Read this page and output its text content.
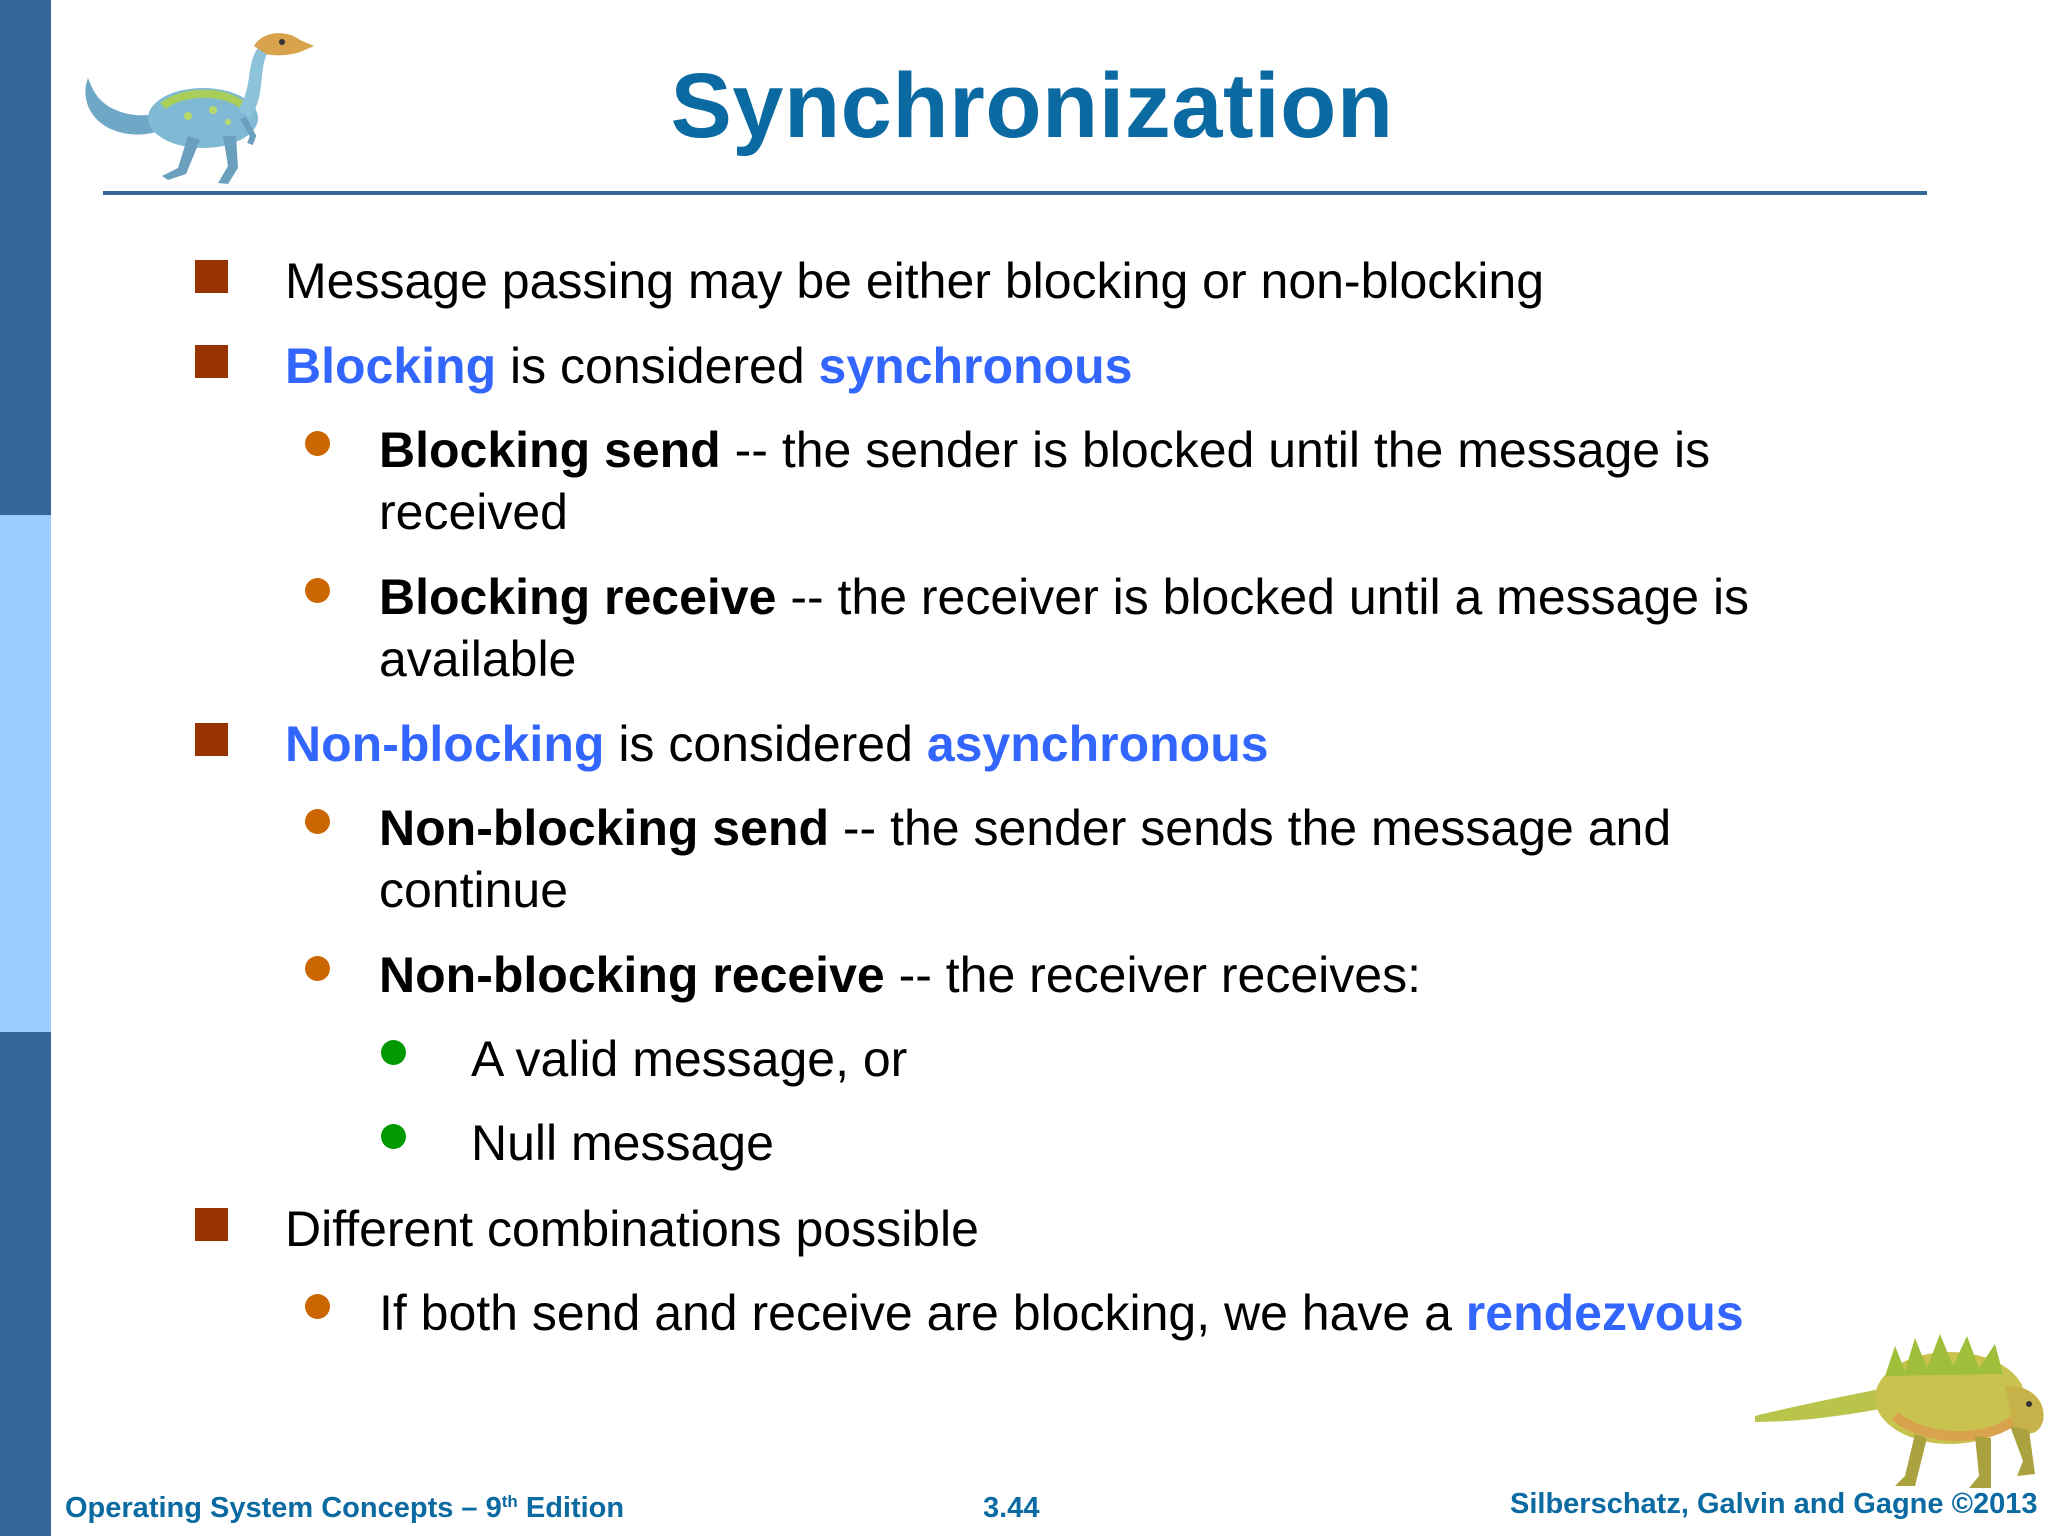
Synchronization
Message passing may be either blocking or non-blocking
Blocking is considered synchronous
Blocking send -- the sender is blocked until the message is
received
Blocking receive -- the receiver is blocked until a message is
available
Non-blocking is considered asynchronous
Non-blocking send -- the sender sends the message and
continue
Non-blocking receive -- the receiver receives:
A valid message, or
Null message
Different combinations possible
If both send and receive are blocking, we have a rendezvous
Operating System Concepts – 9th Edition	3.44	Silberschatz, Galvin and Gagne ©2013
